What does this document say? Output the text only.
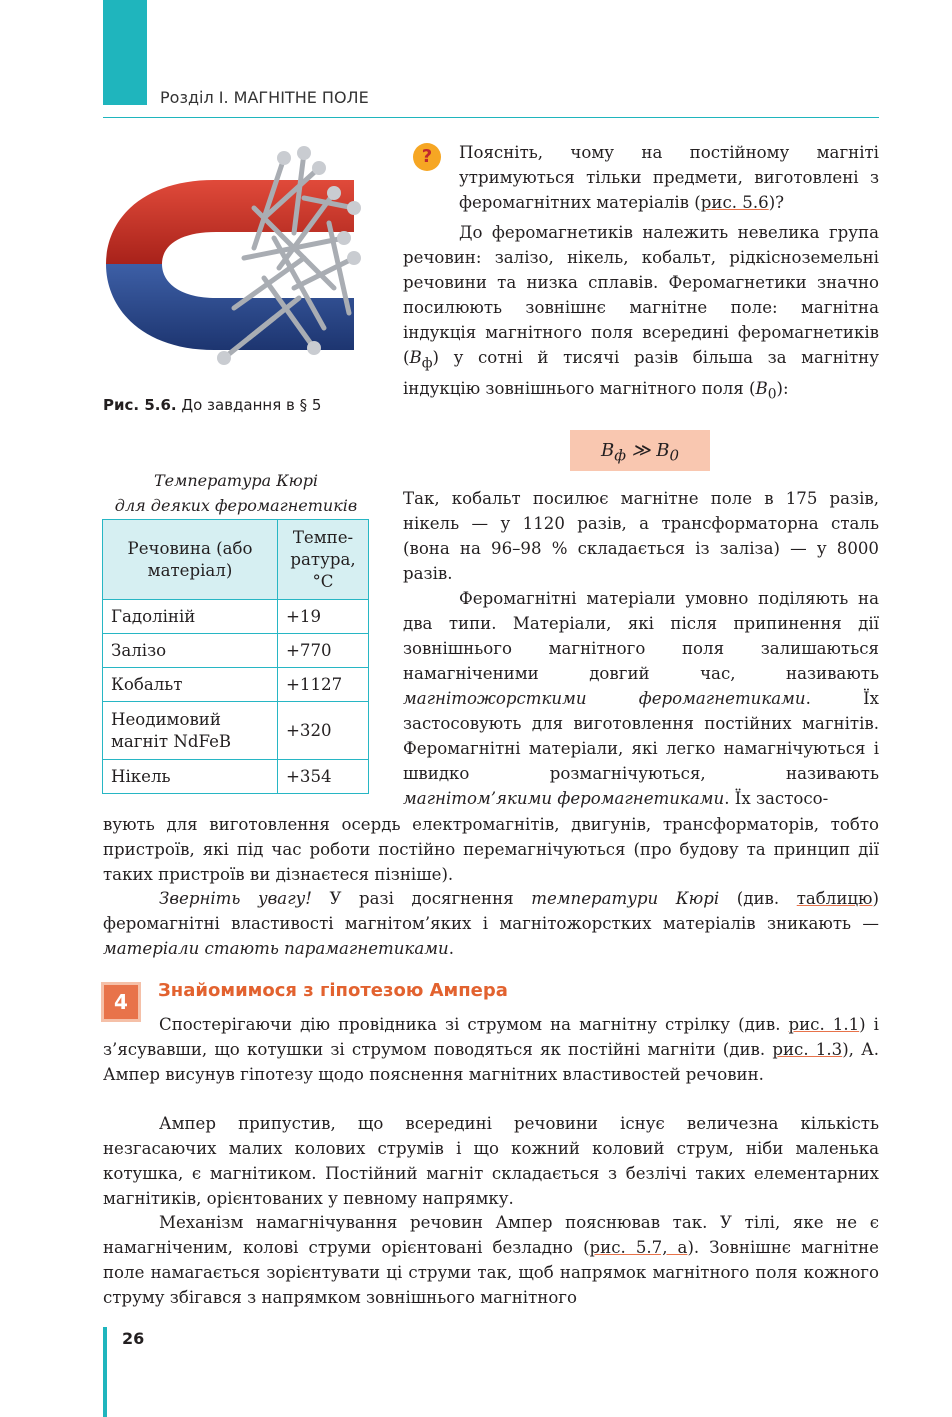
Розділ І. МАГНІТНЕ ПОЛЕ
Рис. 5.6. До завдання в § 5
?	Поясніть, чому на постійному магніті утримуються тільки предмети, виготовлені з феромагнітних матеріалів (рис. 5.6)?

До феромагнетиків належить невелика група речовин: залізо, нікель, кобальт, рідкісноземельні речовини та низка сплавів. Феромагнетики значно посилюють зовнішнє магнітне поле: магнітна індукція магнітного поля всередині феромагнетиків $(B_ф)$ у сотні й тисячі разів більша за магнітну індукцію зовнішнього магнітного поля $(B_0)$:

$B_ф$ ≫ $B_0$

Так, кобальт посилює магнітне поле в 175 разів, нікель — у 1120 разів, а трансформаторна сталь (вона на 96–98 % складається із заліза) — у 8000 разів.

Феромагнітні матеріали умовно поділяють на два типи. Матеріали, які після припинення дії зовнішнього магнітного поля залишаються намагніченими довгий час, називають магнітожорсткими феромагнетиками. Їх застосовують для виготовлення постійних магнітів. Феромагнітні матеріали, які легко намагнічуються і швидко розмагнічуються, називають магнітом’якими феромагнетиками. Їх застосо-

Температура Кюрі
для деяких феромагнетиків
Речовина (або матеріал)	Темпе-ратура, °С
Гадоліній	+19
Залізо	+770
Кобальт	+1127
Неодимовий магніт NdFeB	+320
Нікель	+354

вують для виготовлення осердь електромагнітів, двигунів, трансформаторів, тобто пристроїв, які під час роботи постійно перемагнічуються (про будову та принцип дії таких пристроїв ви дізнаєтеся пізніше).

Зверніть увагу! У разі досягнення температури Кюрі (див. таблицю) феромагнітні властивості магнітом’яких і магнітожорстких матеріалів зникають — матеріали стають парамагнетиками.

4	Знайомимося з гіпотезою Ампера

Спостерігаючи дію провідника зі струмом на магнітну стрілку (див. рис. 1.1) і з’ясувавши, що котушки зі струмом поводяться як постійні магніти (див. рис. 1.3), А. Ампер висунув гіпотезу щодо пояснення магнітних властивостей речовин.

Ампер припустив, що всередині речовини існує величезна кількість незгасаючих малих колових струмів і що кожний коловий струм, ніби маленька котушка, є магнітиком. Постійний магніт складається з безлічі таких елементарних магнітиків, орієнтованих у певному напрямку.

Механізм намагнічування речовин Ампер пояснював так. У тілі, яке не є намагніченим, колові струми орієнтовані безладно (рис. 5.7, а). Зовнішнє магнітне поле намагається зорієнтувати ці струми так, щоб напрямок магнітного поля кожного струму збігався з напрямком зовнішнього магнітного

26
